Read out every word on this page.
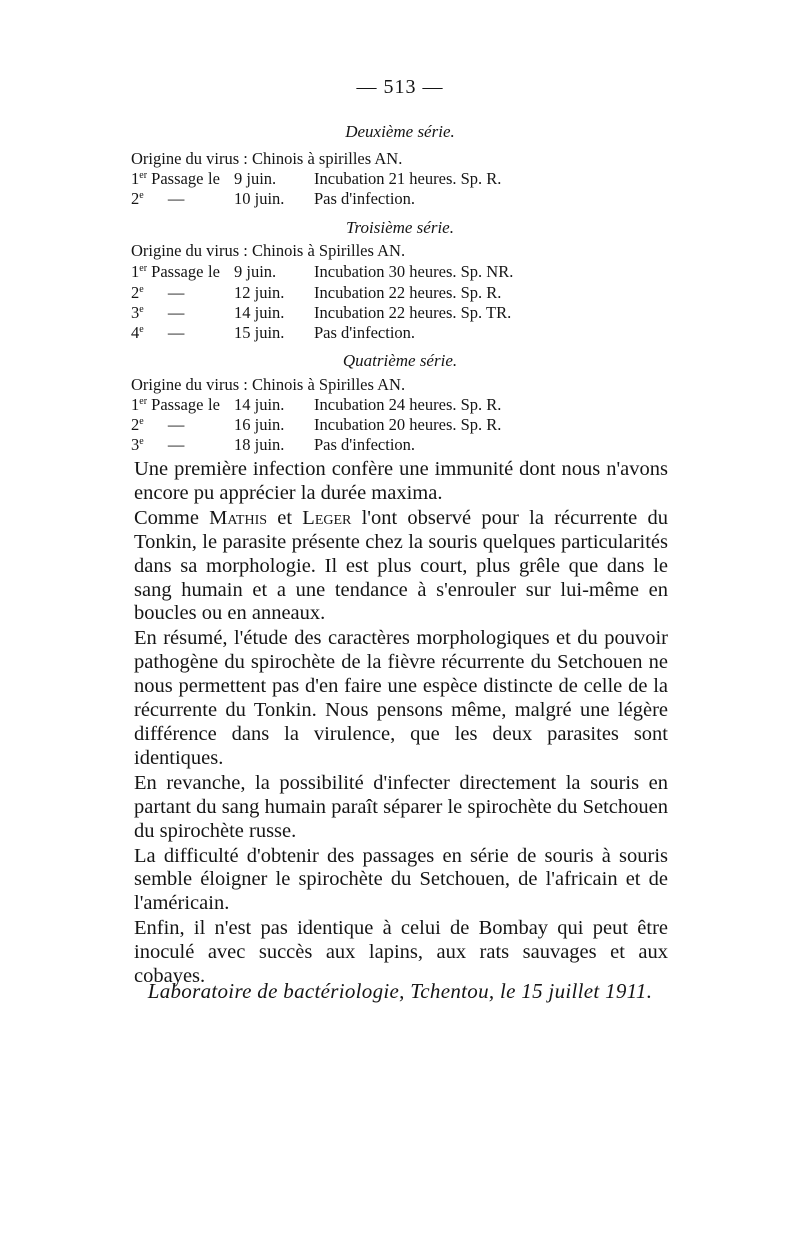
— 513 —
Deuxième série.
Origine du virus : Chinois à spirilles AN.
1er Passage le 9 juin. Incubation 21 heures. Sp. R.
2e —	10 juin. Pas d'infection.
Troisième série.
Origine du virus : Chinois à Spirilles AN.
1er Passage le 9 juin. Incubation 30 heures. Sp. NR.
2e —	12 juin. Incubation 22 heures. Sp. R.
3e —	14 juin. Incubation 22 heures. Sp. TR.
4e —	15 juin. Pas d'infection.
Quatrième série.
Origine du virus : Chinois à Spirilles AN.
1er Passage le 14 juin. Incubation 24 heures. Sp. R.
2e —	16 juin. Incubation 20 heures. Sp. R.
3e —	18 juin. Pas d'infection.

Une première infection confère une immunité dont nous n'avons encore pu apprécier la durée maxima.

Comme Mathis et Leger l'ont observé pour la récurrente du Tonkin, le parasite présente chez la souris quelques particularités dans sa morphologie. Il est plus court, plus grêle que dans le sang humain et a une tendance à s'enrouler sur lui-même en boucles ou en anneaux.

En résumé, l'étude des caractères morphologiques et du pouvoir pathogène du spirochète de la fièvre récurrente du Setchouen ne nous permettent pas d'en faire une espèce distincte de celle de la récurrente du Tonkin. Nous pensons même, malgré une légère différence dans la virulence, que les deux parasites sont identiques.

En revanche, la possibilité d'infecter directement la souris en partant du sang humain paraît séparer le spirochète du Setchouen du spirochète russe.

La difficulté d'obtenir des passages en série de souris à souris semble éloigner le spirochète du Setchouen, de l'africain et de l'américain.

Enfin, il n'est pas identique à celui de Bombay qui peut être inoculé avec succès aux lapins, aux rats sauvages et aux cobayes.

Laboratoire de bactériologie, Tchentou, le 15 juillet 1911.
